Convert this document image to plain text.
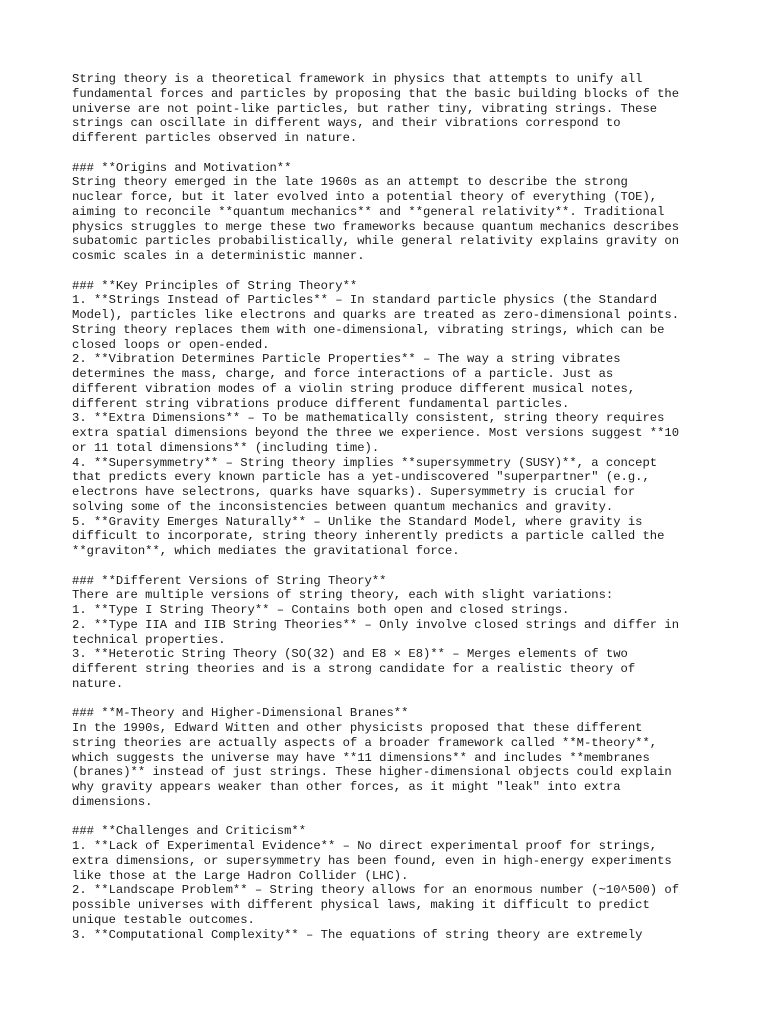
String theory is a theoretical framework in physics that attempts to unify all
fundamental forces and particles by proposing that the basic building blocks of the
universe are not point-like particles, but rather tiny, vibrating strings. These
strings can oscillate in different ways, and their vibrations correspond to
different particles observed in nature.
### **Origins and Motivation**
String theory emerged in the late 1960s as an attempt to describe the strong
nuclear force, but it later evolved into a potential theory of everything (TOE),
aiming to reconcile **quantum mechanics** and **general relativity**. Traditional
physics struggles to merge these two frameworks because quantum mechanics describes
subatomic particles probabilistically, while general relativity explains gravity on
cosmic scales in a deterministic manner.
### **Key Principles of String Theory**
1. **Strings Instead of Particles** – In standard particle physics (the Standard
Model), particles like electrons and quarks are treated as zero-dimensional points.
String theory replaces them with one-dimensional, vibrating strings, which can be
closed loops or open-ended.
2. **Vibration Determines Particle Properties** – The way a string vibrates
determines the mass, charge, and force interactions of a particle. Just as
different vibration modes of a violin string produce different musical notes,
different string vibrations produce different fundamental particles.
3. **Extra Dimensions** – To be mathematically consistent, string theory requires
extra spatial dimensions beyond the three we experience. Most versions suggest **10
or 11 total dimensions** (including time).
4. **Supersymmetry** – String theory implies **supersymmetry (SUSY)**, a concept
that predicts every known particle has a yet-undiscovered "superpartner" (e.g.,
electrons have selectrons, quarks have squarks). Supersymmetry is crucial for
solving some of the inconsistencies between quantum mechanics and gravity.
5. **Gravity Emerges Naturally** – Unlike the Standard Model, where gravity is
difficult to incorporate, string theory inherently predicts a particle called the
**graviton**, which mediates the gravitational force.
### **Different Versions of String Theory**
There are multiple versions of string theory, each with slight variations:
1. **Type I String Theory** – Contains both open and closed strings.
2. **Type IIA and IIB String Theories** – Only involve closed strings and differ in
technical properties.
3. **Heterotic String Theory (SO(32) and E8 × E8)** – Merges elements of two
different string theories and is a strong candidate for a realistic theory of
nature.
### **M-Theory and Higher-Dimensional Branes**
In the 1990s, Edward Witten and other physicists proposed that these different
string theories are actually aspects of a broader framework called **M-theory**,
which suggests the universe may have **11 dimensions** and includes **membranes
(branes)** instead of just strings. These higher-dimensional objects could explain
why gravity appears weaker than other forces, as it might "leak" into extra
dimensions.
### **Challenges and Criticism**
1. **Lack of Experimental Evidence** – No direct experimental proof for strings,
extra dimensions, or supersymmetry has been found, even in high-energy experiments
like those at the Large Hadron Collider (LHC).
2. **Landscape Problem** – String theory allows for an enormous number (~10^500) of
possible universes with different physical laws, making it difficult to predict
unique testable outcomes.
3. **Computational Complexity** – The equations of string theory are extremely
